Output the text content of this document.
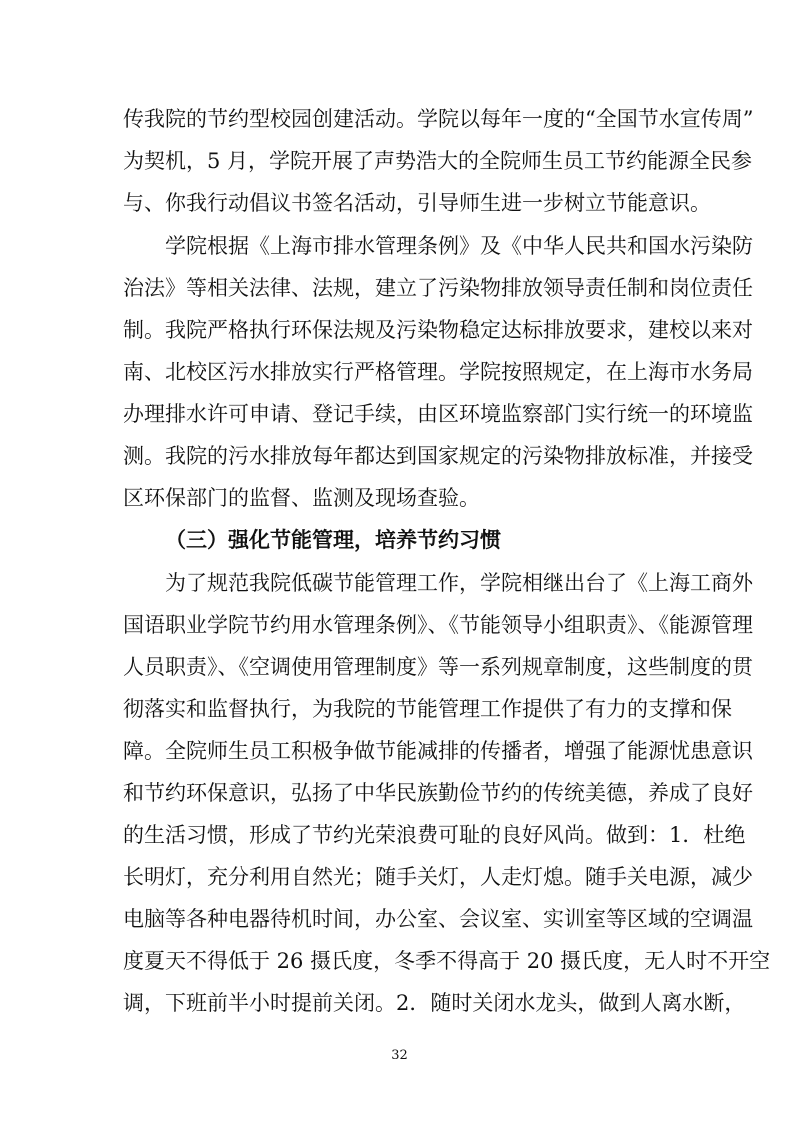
传我院的节约型校园创建活动。学院以每年一度的“全国节水宣传周”
为契机，5 月，学院开展了声势浩大的全院师生员工节约能源全民参
与、你我行动倡议书签名活动，引导师生进一步树立节能意识。
学院根据《上海市排水管理条例》及《中华人民共和国水污染防
治法》等相关法律、法规，建立了污染物排放领导责任制和岗位责任
制。我院严格执行环保法规及污染物稳定达标排放要求，建校以来对
南、北校区污水排放实行严格管理。学院按照规定，在上海市水务局
办理排水许可申请、登记手续，由区环境监察部门实行统一的环境监
测。我院的污水排放每年都达到国家规定的污染物排放标准，并接受
区环保部门的监督、监测及现场查验。
（三）强化节能管理，培养节约习惯
为了规范我院低碳节能管理工作，学院相继出台了《上海工商外
国语职业学院节约用水管理条例》、《节能领导小组职责》、《能源管理
人员职责》、《空调使用管理制度》等一系列规章制度，这些制度的贯
彻落实和监督执行，为我院的节能管理工作提供了有力的支撑和保
障。全院师生员工积极争做节能减排的传播者，增强了能源忧患意识
和节约环保意识，弘扬了中华民族勤俭节约的传统美德，养成了良好
的生活习惯，形成了节约光荣浪费可耻的良好风尚。做到：1．杜绝
长明灯，充分利用自然光；随手关灯，人走灯熄。随手关电源，减少
电脑等各种电器待机时间，办公室、会议室、实训室等区域的空调温
度夏天不得低于 26 摄氏度，冬季不得高于 20 摄氏度，无人时不开空
调，下班前半小时提前关闭。2．随时关闭水龙头，做到人离水断，
32
